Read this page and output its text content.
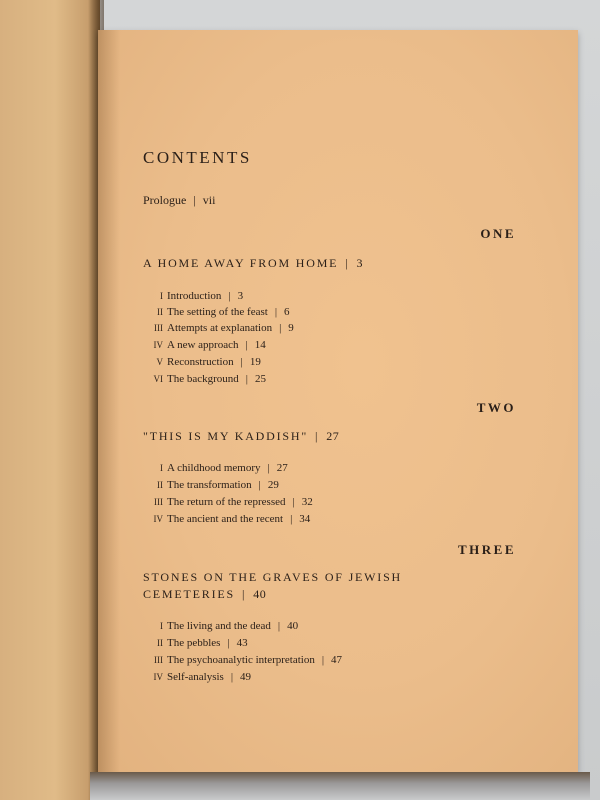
CONTENTS
Prologue | vii
ONE
A HOME AWAY FROM HOME | 3
I Introduction | 3
II The setting of the feast | 6
III Attempts at explanation | 9
IV A new approach | 14
V Reconstruction | 19
VI The background | 25
TWO
"THIS IS MY KADDISH" | 27
I A childhood memory | 27
II The transformation | 29
III The return of the repressed | 32
IV The ancient and the recent | 34
THREE
STONES ON THE GRAVES OF JEWISH
CEMETERIES | 40
I The living and the dead | 40
II The pebbles | 43
III The psychoanalytic interpretation | 47
IV Self-analysis | 49
